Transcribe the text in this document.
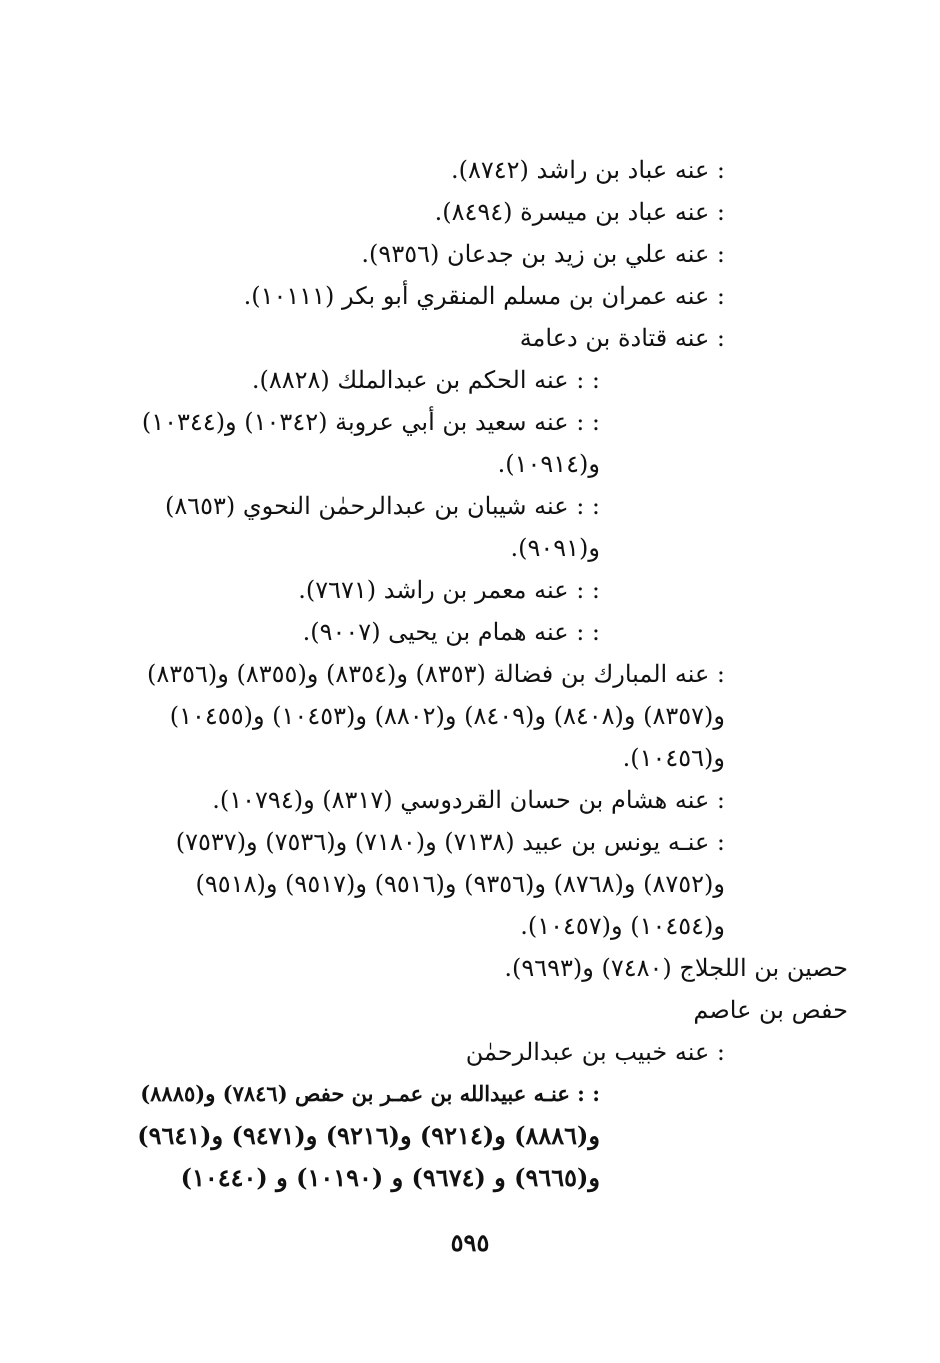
: عنه عباد بن راشد (٨٧٤٢).
: عنه عباد بن ميسرة (٨٤٩٤).
: عنه علي بن زيد بن جدعان (٩٣٥٦).
: عنه عمران بن مسلم المنقري أبو بكر (١٠١١١).
: عنه قتادة بن دعامة
: : عنه الحكم بن عبدالملك (٨٨٢٨).
: : عنه سعيد بن أبي عروبة (١٠٣٤٢) و(١٠٣٤٤)
و(١٠٩١٤).
: : عنه شيبان بن عبدالرحمٰن النحوي (٨٦٥٣)
و(٩٠٩١).
: : عنه معمر بن راشد (٧٦٧١).
: : عنه همام بن يحيى (٩٠٠٧).
: عنه المبارك بن فضالة (٨٣٥٣) و(٨٣٥٤) و(٨٣٥٥) و(٨٣٥٦)
و(٨٣٥٧) و(٨٤٠٨) و(٨٤٠٩) و(٨٨٠٢) و(١٠٤٥٣) و(١٠٤٥٥)
و(١٠٤٥٦).
: عنه هشام بن حسان القردوسي (٨٣١٧) و(١٠٧٩٤).
: عنـه يونس بن عبيد (٧١٣٨) و(٧١٨٠) و(٧٥٣٦) و(٧٥٣٧)
و(٨٧٥٢) و(٨٧٦٨) و(٩٣٥٦) و(٩٥١٦) و(٩٥١٧) و(٩٥١٨)
و(١٠٤٥٤) و(١٠٤٥٧).
حصين بن اللجلاج (٧٤٨٠) و(٩٦٩٣).
حفص بن عاصم
: عنه خبيب بن عبدالرحمٰن
: : عنـه عبيدالله بن عمـر بن حفص (٧٨٤٦) و(٨٨٨٥)
و(٨٨٨٦) و(٩٢١٤) و(٩٢١٦) و(٩٤٧١) و(٩٦٤١)
و(٩٦٦٥) و (٩٦٧٤) و (١٠١٩٠) و (١٠٤٤٠)
٥٩٥
